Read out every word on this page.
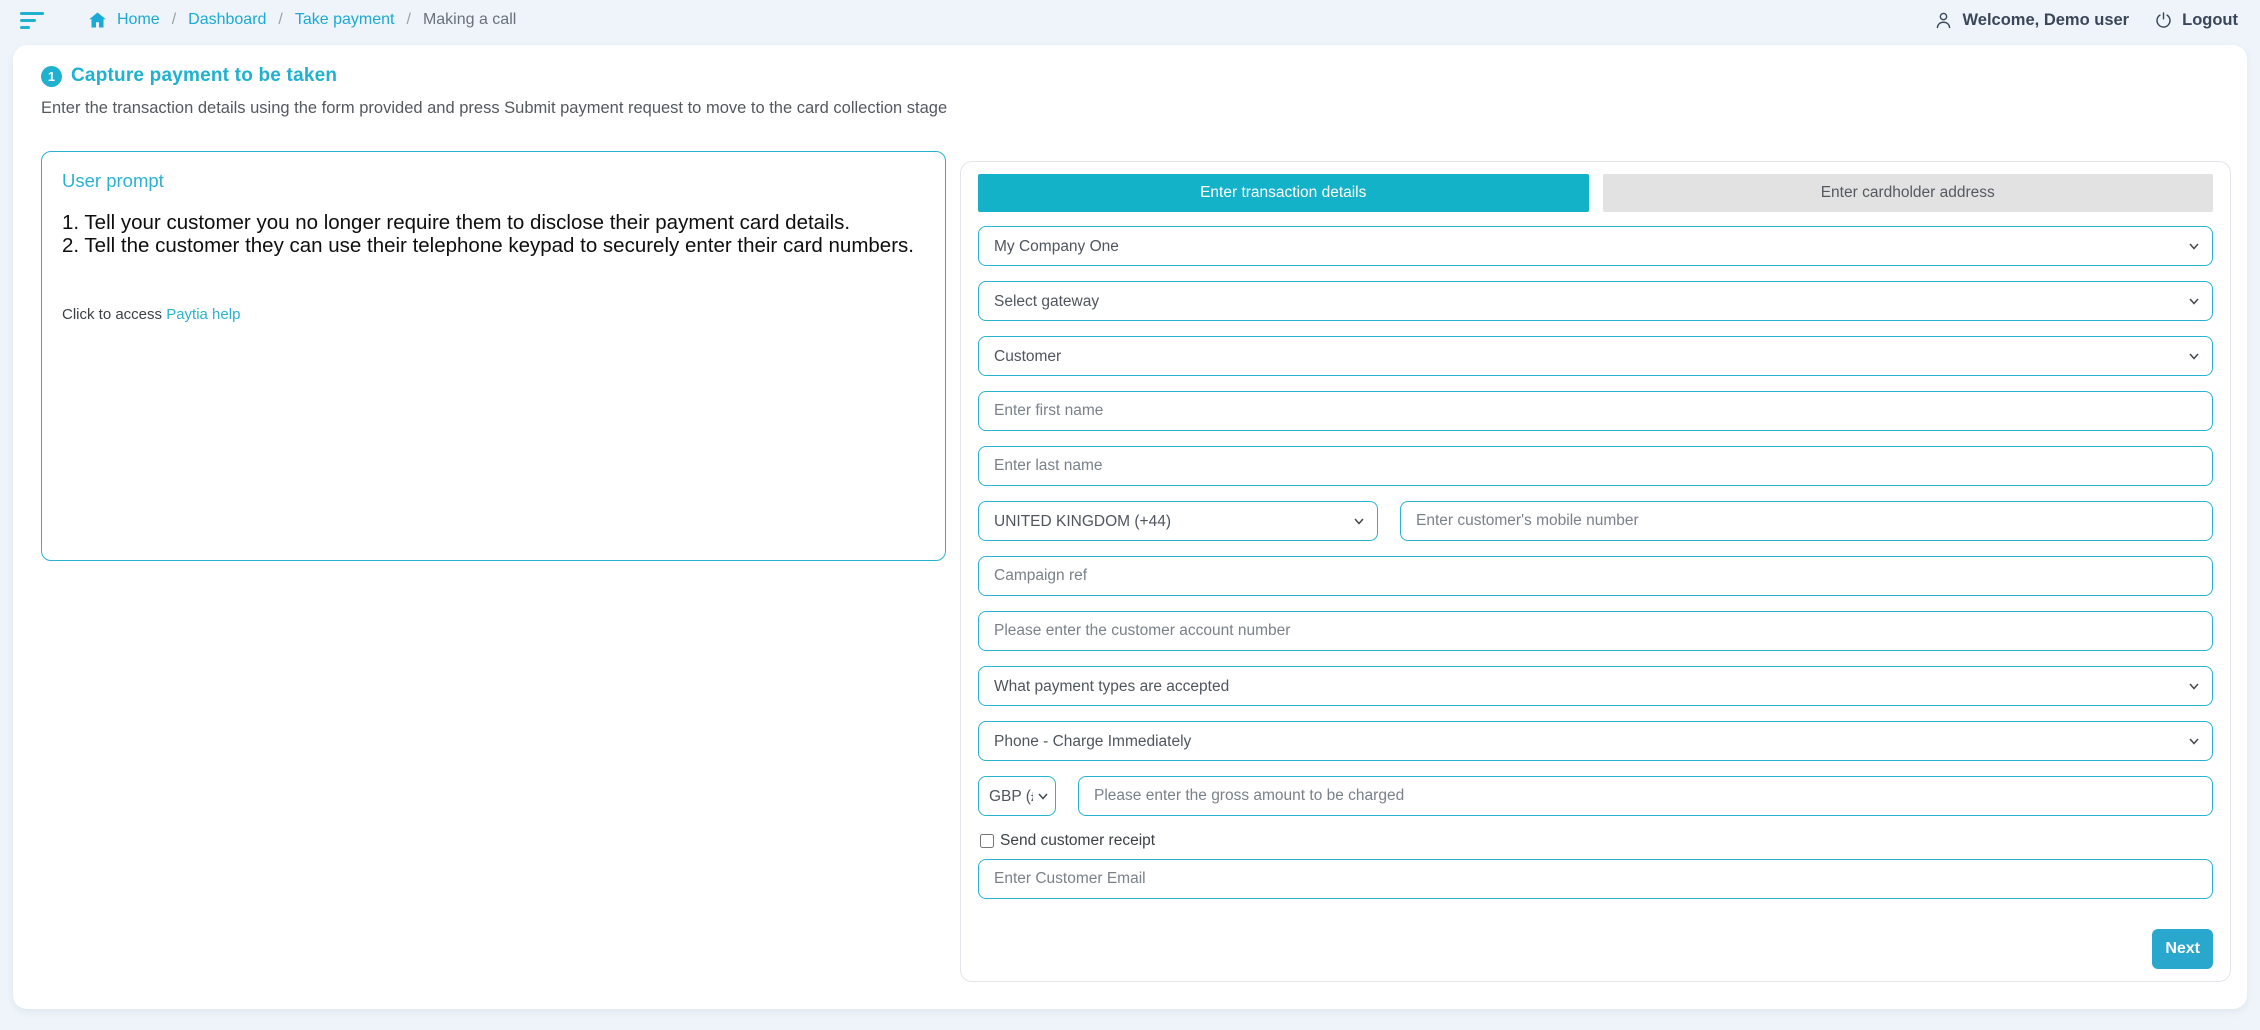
Home / Dashboard / Take payment / Making a call	Welcome, Demo user	Logout
1 Capture payment to be taken

Enter the transaction details using the form provided and press Submit payment request to move to the card collection stage

User prompt

1. Tell your customer you no longer require them to disclose their payment card details.

2. Tell the customer they can use their telephone keypad to securely enter their card numbers.

Click to access Paytia help

Enter transaction details	Enter cardholder address
My Company One
Select gateway
Customer
Enter first name
Enter last name
UNITED KINGDOM (+44)
Enter customer's mobile number
Campaign ref
Please enter the customer account number
What payment types are accepted
Phone - Charge Immediately
GBP (£)
Please enter the gross amount to be charged
Send customer receipt
Enter Customer Email
Next
